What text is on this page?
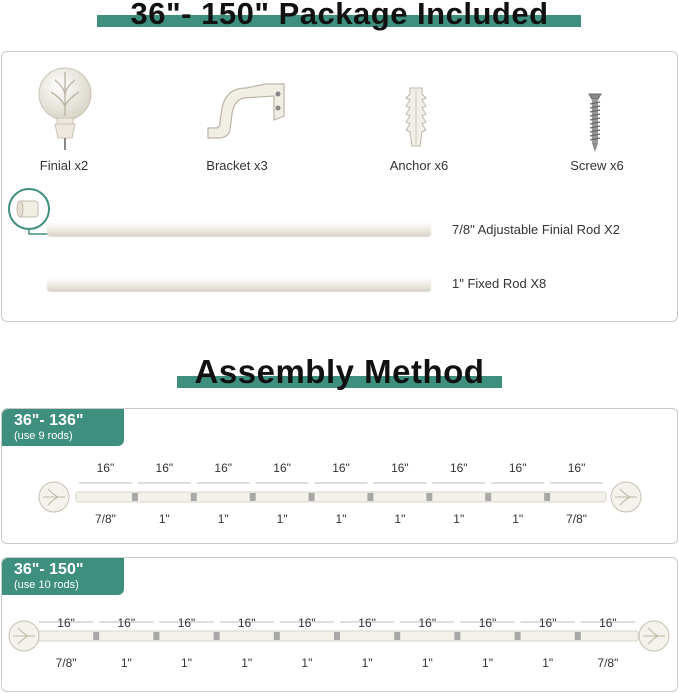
36"- 150" Package Included
Finial x2	Bracket x3	Anchor x6	Screw x6
7/8" Adjustable Finial Rod X2
1" Fixed Rod X8
Assembly Method
36"- 136"
(use 9 rods)
16"
7/8"
16"
1"
16"
1"
16"
1"
16"
1"
16"
1"
16"
1"
16"
1"
16"
7/8"
36"- 150"
(use 10 rods)
16"
7/8"
16"
1"
16"
1"
16"
1"
16"
1"
16"
1"
16"
1"
16"
1"
16"
1"
16"
7/8"
